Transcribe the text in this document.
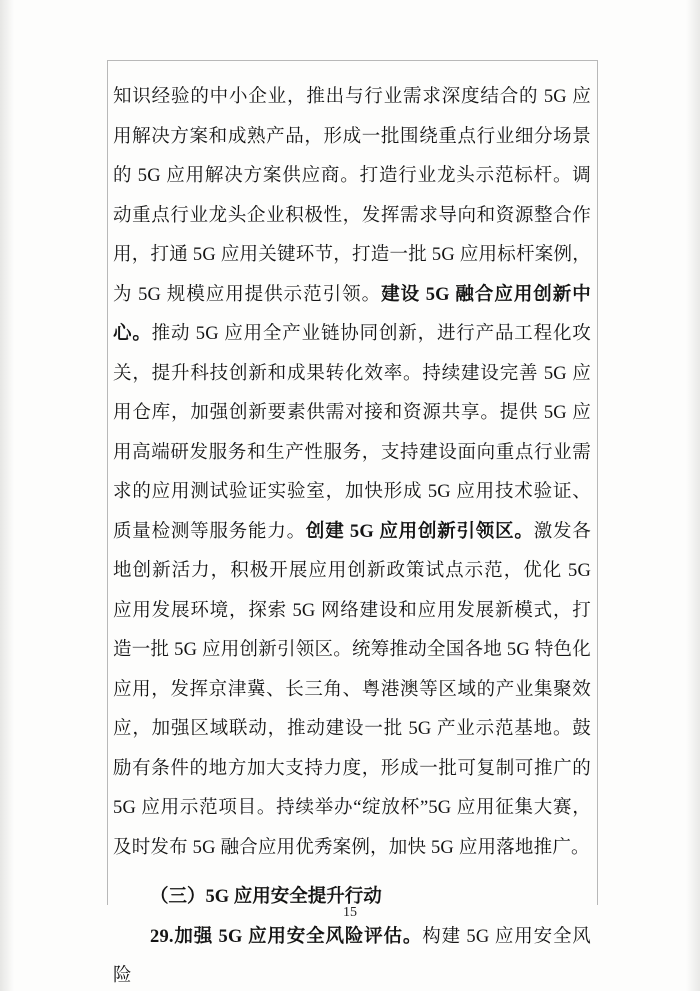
知识经验的中小企业，推出与行业需求深度结合的 5G 应用解决方案和成熟产品，形成一批围绕重点行业细分场景的 5G 应用解决方案供应商。打造行业龙头示范标杆。调动重点行业龙头企业积极性，发挥需求导向和资源整合作用，打通 5G 应用关键环节，打造一批 5G 应用标杆案例，为 5G 规模应用提供示范引领。建设 5G 融合应用创新中心。推动 5G 应用全产业链协同创新，进行产品工程化攻关，提升科技创新和成果转化效率。持续建设完善 5G 应用仓库，加强创新要素供需对接和资源共享。提供 5G 应用高端研发服务和生产性服务，支持建设面向重点行业需求的应用测试验证实验室，加快形成 5G 应用技术验证、质量检测等服务能力。创建 5G 应用创新引领区。激发各地创新活力，积极开展应用创新政策试点示范，优化 5G 应用发展环境，探索 5G 网络建设和应用发展新模式，打造一批 5G 应用创新引领区。统筹推动全国各地 5G 特色化应用，发挥京津冀、长三角、粤港澳等区域的产业集聚效应，加强区域联动，推动建设一批 5G 产业示范基地。鼓励有条件的地方加大支持力度，形成一批可复制可推广的 5G 应用示范项目。持续举办“绽放杯”5G 应用征集大赛，及时发布 5G 融合应用优秀案例，加快 5G 应用落地推广。

（三）5G 应用安全提升行动

29.加强 5G 应用安全风险评估。构建 5G 应用安全风险

15
